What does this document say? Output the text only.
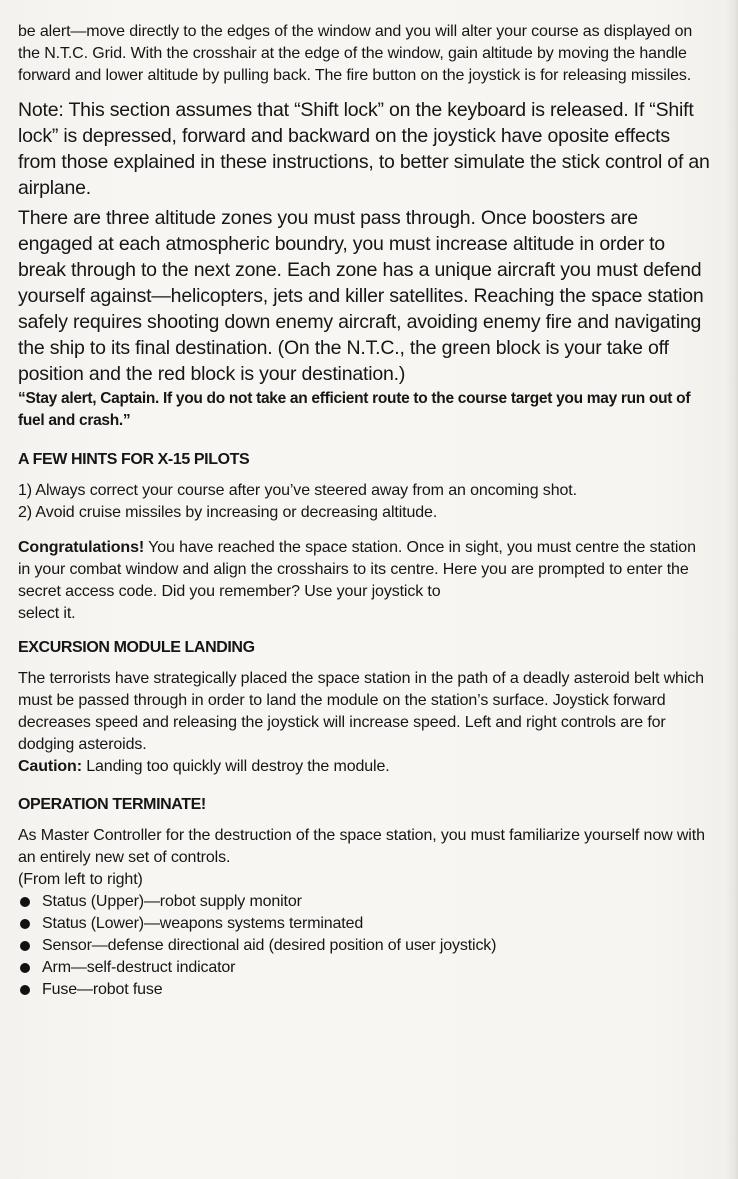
be alert—move directly to the edges of the window and you will alter your course as displayed on the N.T.C. Grid. With the crosshair at the edge of the window, gain altitude by moving the handle forward and lower altitude by pulling back. The fire button on the joystick is for releasing missiles.

Note: This section assumes that “Shift lock” on the keyboard is released. If “Shift lock” is depressed, forward and backward on the joystick have oposite effects from those explained in these instructions, to better simulate the stick control of an airplane.

There are three altitude zones you must pass through. Once boosters are engaged at each atmospheric boundry, you must increase altitude in order to break through to the next zone. Each zone has a unique aircraft you must defend yourself against—helicopters, jets and killer satellites. Reaching the space station safely requires shooting down enemy aircraft, avoiding enemy fire and navigating the ship to its final destination. (On the N.T.C., the green block is your take off position and the red block is your destination.)

“Stay alert, Captain. If you do not take an efficient route to the course target you may run out of fuel and crash.”

A FEW HINTS FOR X-15 PILOTS

1) Always correct your course after you’ve steered away from an oncoming shot.

2) Avoid cruise missiles by increasing or decreasing altitude.

Congratulations! You have reached the space station. Once in sight, you must centre the station in your combat window and align the crosshairs to its centre. Here you are prompted to enter the secret access code. Did you remember? Use your joystick to

select it.

EXCURSION MODULE LANDING

The terrorists have strategically placed the space station in the path of a deadly asteroid belt which must be passed through in order to land the module on the station’s surface. Joystick forward decreases speed and releasing the joystick will increase speed. Left and right controls are for dodging asteroids.

Caution: Landing too quickly will destroy the module.

OPERATION TERMINATE!

As Master Controller for the destruction of the space station, you must familiarize yourself now with an entirely new set of controls.

(From left to right)

Status (Upper)—robot supply monitor
Status (Lower)—weapons systems terminated
Sensor—defense directional aid (desired position of user joystick)
Arm—self-destruct indicator
Fuse—robot fuse
